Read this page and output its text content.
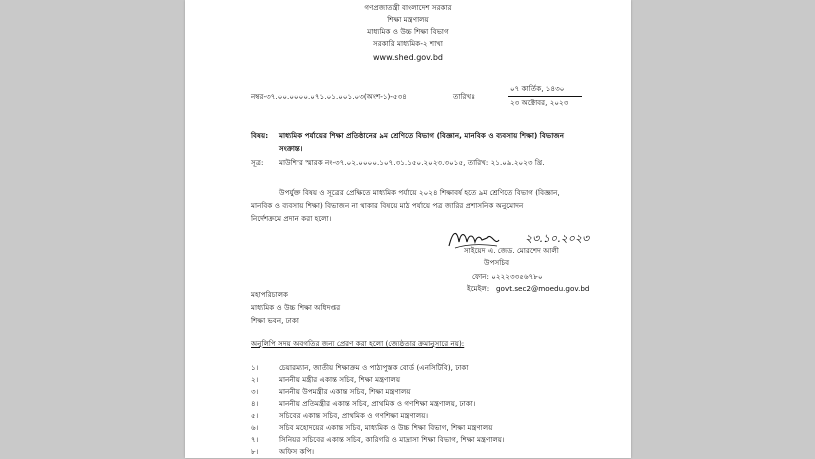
গণপ্রজাতন্ত্রী বাংলাদেশ সরকার
শিক্ষা মন্ত্রণালয়
মাধ্যমিক ও উচ্চ শিক্ষা বিভাগ
সরকারি মাধ্যমিক-২ শাখা
www.shed.gov.bd
নম্বর-৩৭.০০.০০০০.০৭১.০১.০০১.০৩(অংশ-১)-৫৩৪	তারিখঃ
০৭ কার্তিক, ১৪৩০
২৩ অক্টোবর, ২০২৩
বিষয়: মাধ্যমিক পর্যায়ের শিক্ষা প্রতিষ্ঠানের ৯ম শ্রেণিতে বিভাগ (বিজ্ঞান, মানবিক ও ব্যবসায় শিক্ষা) বিভাজন
সংক্রান্ত।
সূত্র: মাউশি'র স্মারক নং-৩৭.০২.০০০০.১০৭.৩১.১৫০.২০২৩.৩০১৫, তারিখ: ২১.০৯.২০২৩ খ্রি.
উপর্যুক্ত বিষয় ও সূত্রের প্রেক্ষিতে মাধ্যমিক পর্যায়ে ২০২৪ শিক্ষাবর্ষ হতে ৯ম শ্রেণিতে বিভাগ (বিজ্ঞান,
মানবিক ও ব্যবসায় শিক্ষা) বিভাজন না থাকার বিষয়ে মাঠ পর্যায়ে পত্র জারির প্রশাসনিক অনুমোদন
নির্দেশক্রমে প্রদান করা হলো।
২৩.১০.২০২৩
সাইয়েদ এ. জেড. মোরশেদ আলী
উপসচিব
ফোন: ০২২২৩৩৫৬৭৮০
ইমেইল: govt.sec2@moedu.gov.bd
মহাপরিচালক
মাধ্যমিক ও উচ্চ শিক্ষা অধিদপ্তর
শিক্ষা ভবন, ঢাকা
অনুলিপি সদয় অবগতির জন্য প্রেরণ করা হলো (জ্যেষ্ঠতার ক্রমানুসারে নয়):
১।	চেয়ারম্যান, জাতীয় শিক্ষাক্রম ও পাঠ্যপুস্তক বোর্ড (এনসিটিবি), ঢাকা
২।	মাননীয় মন্ত্রীর একান্ত সচিব, শিক্ষা মন্ত্রণালয়
৩।	মাননীয় উপমন্ত্রীর একান্ত সচিব, শিক্ষা মন্ত্রণালয়
৪।	মাননীয় প্রতিমন্ত্রীর একান্ত সচিব, প্রাথমিক ও গণশিক্ষা মন্ত্রণালয়, ঢাকা।
৫।	সচিবের একান্ত সচিব, প্রাথমিক ও গণশিক্ষা মন্ত্রণালয়।
৬।	সচিব মহোদয়ের একান্ত সচিব, মাধ্যমিক ও উচ্চ শিক্ষা বিভাগ, শিক্ষা মন্ত্রণালয়
৭।	সিনিয়র সচিবের একান্ত সচিব, কারিগরি ও মাদ্রাসা শিক্ষা বিভাগ, শিক্ষা মন্ত্রণালয়।
৮।	অফিস কপি।
